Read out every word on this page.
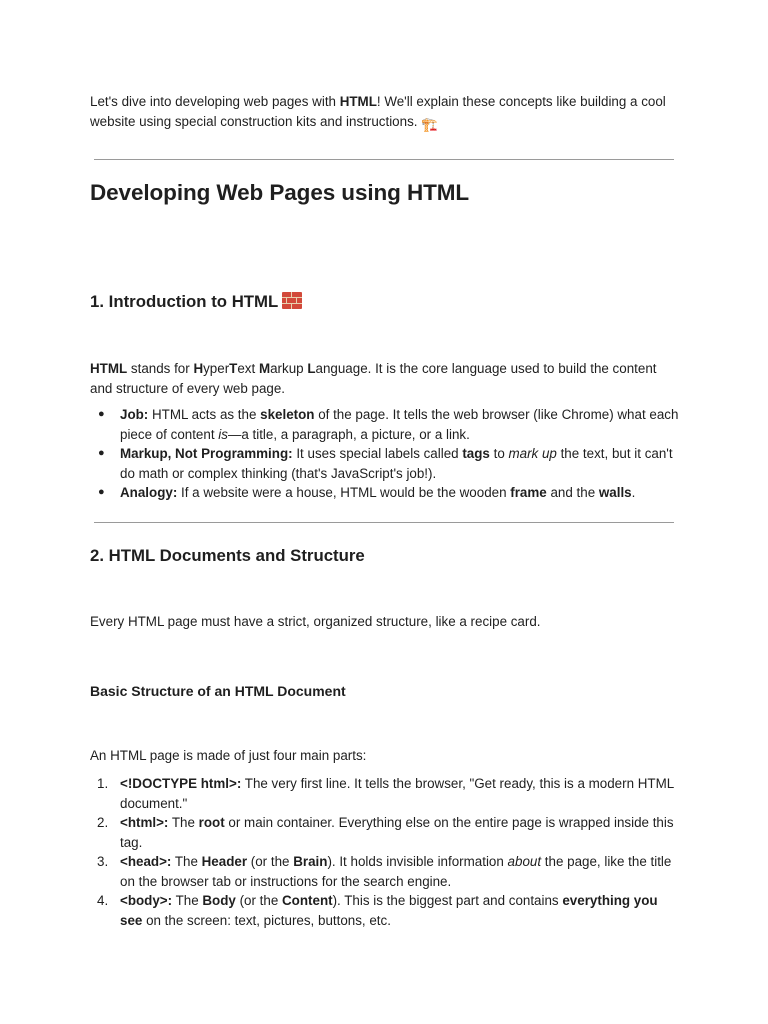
Let's dive into developing web pages with HTML! We'll explain these concepts like building a cool website using special construction kits and instructions. 🏗️

Developing Web Pages using HTML
1. Introduction to HTML

HTML stands for HyperText Markup Language. It is the core language used to build the content and structure of every web page.

● Job: HTML acts as the skeleton of the page. It tells the web browser (like Chrome) what each piece of content is—a title, a paragraph, a picture, or a link.
● Markup, Not Programming: It uses special labels called tags to mark up the text, but it can't do math or complex thinking (that's JavaScript's job!).
● Analogy: If a website were a house, HTML would be the wooden frame and the walls.
2. HTML Documents and Structure

Every HTML page must have a strict, organized structure, like a recipe card.

Basic Structure of an HTML Document

An HTML page is made of just four main parts:

1. <!DOCTYPE html>: The very first line. It tells the browser, "Get ready, this is a modern HTML document."
2. <html>: The root or main container. Everything else on the entire page is wrapped inside this tag.
3. <head>: The Header (or the Brain). It holds invisible information about the page, like the title on the browser tab or instructions for the search engine.
4. <body>: The Body (or the Content). This is the biggest part and contains everything you see on the screen: text, pictures, buttons, etc.
